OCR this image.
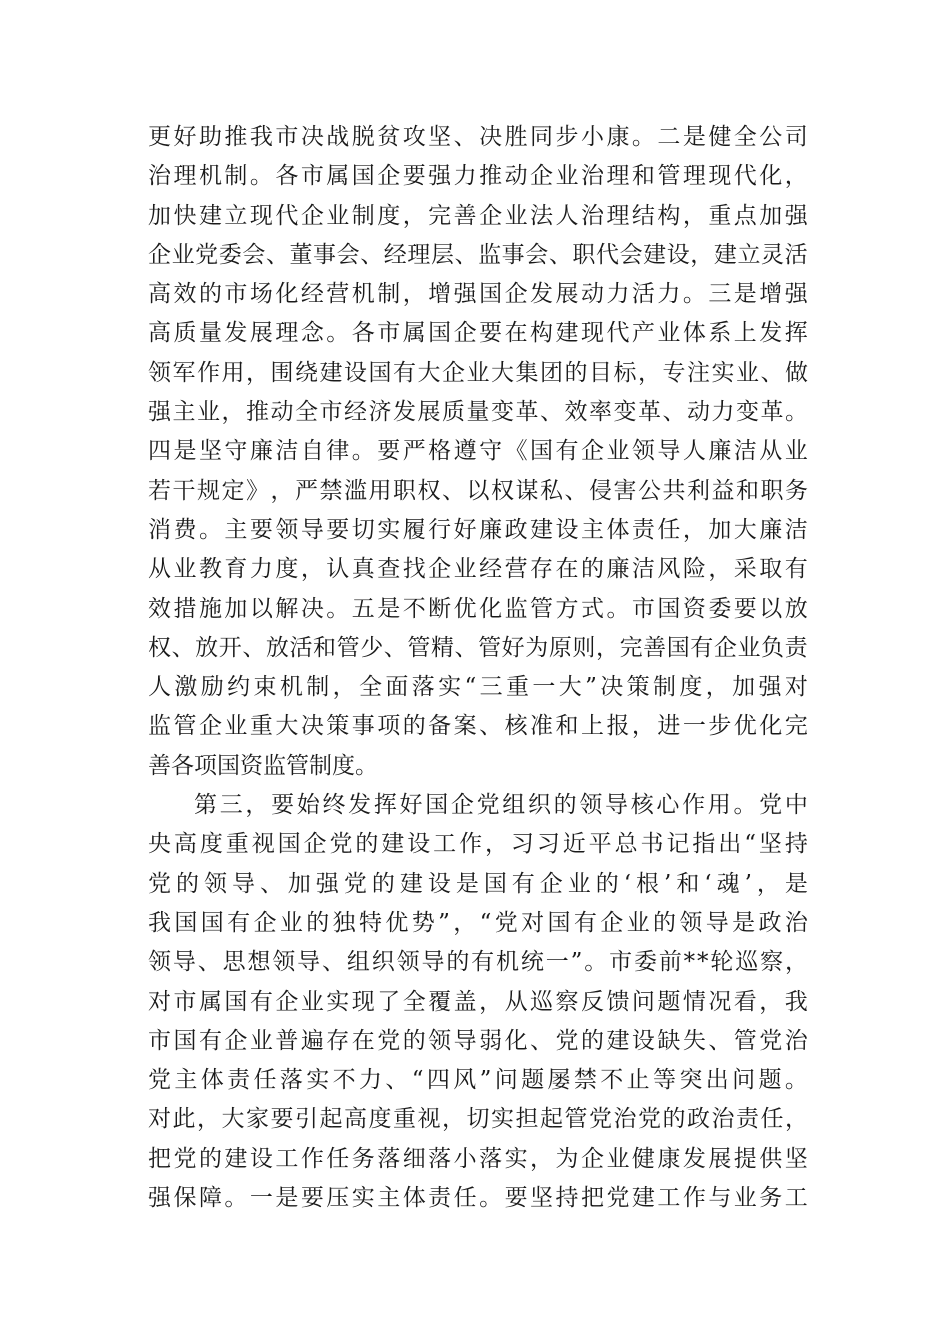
更 好 助 推 我 市 决 战 脱 贫 攻 坚 、 决 胜 同 步 小 康 。 二 是 健 全 公 司
治 理 机 制 。 各 市 属 国 企 要 强 力 推 动 企 业 治 理 和 管 理 现 代 化 ，
加 快 建 立 现 代 企 业 制 度 ， 完 善 企 业 法 人 治 理 结 构 ， 重 点 加 强
企 业 党 委 会 、 董 事 会 、 经 理 层 、 监 事 会 、 职 代 会 建 设 ， 建 立 灵 活
高 效 的 市 场 化 经 营 机 制 ， 增 强 国 企 发 展 动 力 活 力 。 三 是 增 强
高 质 量 发 展 理 念 。 各 市 属 国 企 要 在 构 建 现 代 产 业 体 系 上 发 挥
领 军 作 用 ， 围 绕 建 设 国 有 大 企 业 大 集 团 的 目 标 ， 专 注 实 业 、 做
强 主 业 ， 推 动 全 市 经 济 发 展 质 量 变 革 、 效 率 变 革 、 动 力 变 革 。
四 是 坚 守 廉 洁 自 律 。 要 严 格 遵 守 《 国 有 企 业 领 导 人 廉 洁 从 业
若 干 规 定 》 ， 严 禁 滥 用 职 权 、 以 权 谋 私 、 侵 害 公 共 利 益 和 职 务
消 费 。 主 要 领 导 要 切 实 履 行 好 廉 政 建 设 主 体 责 任 ， 加 大 廉 洁
从 业 教 育 力 度 ， 认 真 查 找 企 业 经 营 存 在 的 廉 洁 风 险 ， 采 取 有
效 措 施 加 以 解 决 。 五 是 不 断 优 化 监 管 方 式 。 市 国 资 委 要 以 放
权 、 放 开 、 放 活 和 管 少 、 管 精 、 管 好 为 原 则 ， 完 善 国 有 企 业 负 责
人 激 励 约 束 机 制 ， 全 面 落 实 “ 三 重 一 大 ” 决 策 制 度 ， 加 强 对
监 管 企 业 重 大 决 策 事 项 的 备 案 、 核 准 和 上 报 ， 进 一 步 优 化 完
善各项国资监管制度。
第 三 ， 要 始 终 发 挥 好 国 企 党 组 织 的 领 导 核 心 作 用 。 党 中
央 高 度 重 视 国 企 党 的 建 设 工 作 ， 习 习 近 平 总 书 记 指 出 “ 坚 持
党 的 领 导 、 加 强 党 的 建 设 是 国 有 企 业 的 ‘ 根 ’ 和 ‘ 魂 ’ ， 是
我 国 国 有 企 业 的 独 特 优 势 ” ， “ 党 对 国 有 企 业 的 领 导 是 政 治
领 导 、 思 想 领 导 、 组 织 领 导 的 有 机 统 一 ” 。 市 委 前 * * 轮 巡 察 ，
对 市 属 国 有 企 业 实 现 了 全 覆 盖 ， 从 巡 察 反 馈 问 题 情 况 看 ， 我
市 国 有 企 业 普 遍 存 在 党 的 领 导 弱 化 、 党 的 建 设 缺 失 、 管 党 治
党 主 体 责 任 落 实 不 力 、 “ 四 风 ” 问 题 屡 禁 不 止 等 突 出 问 题 。
对 此 ， 大 家 要 引 起 高 度 重 视 ， 切 实 担 起 管 党 治 党 的 政 治 责 任 ，
把 党 的 建 设 工 作 任 务 落 细 落 小 落 实 ， 为 企 业 健 康 发 展 提 供 坚
强 保 障 。 一 是 要 压 实 主 体 责 任 。 要 坚 持 把 党 建 工 作 与 业 务 工
